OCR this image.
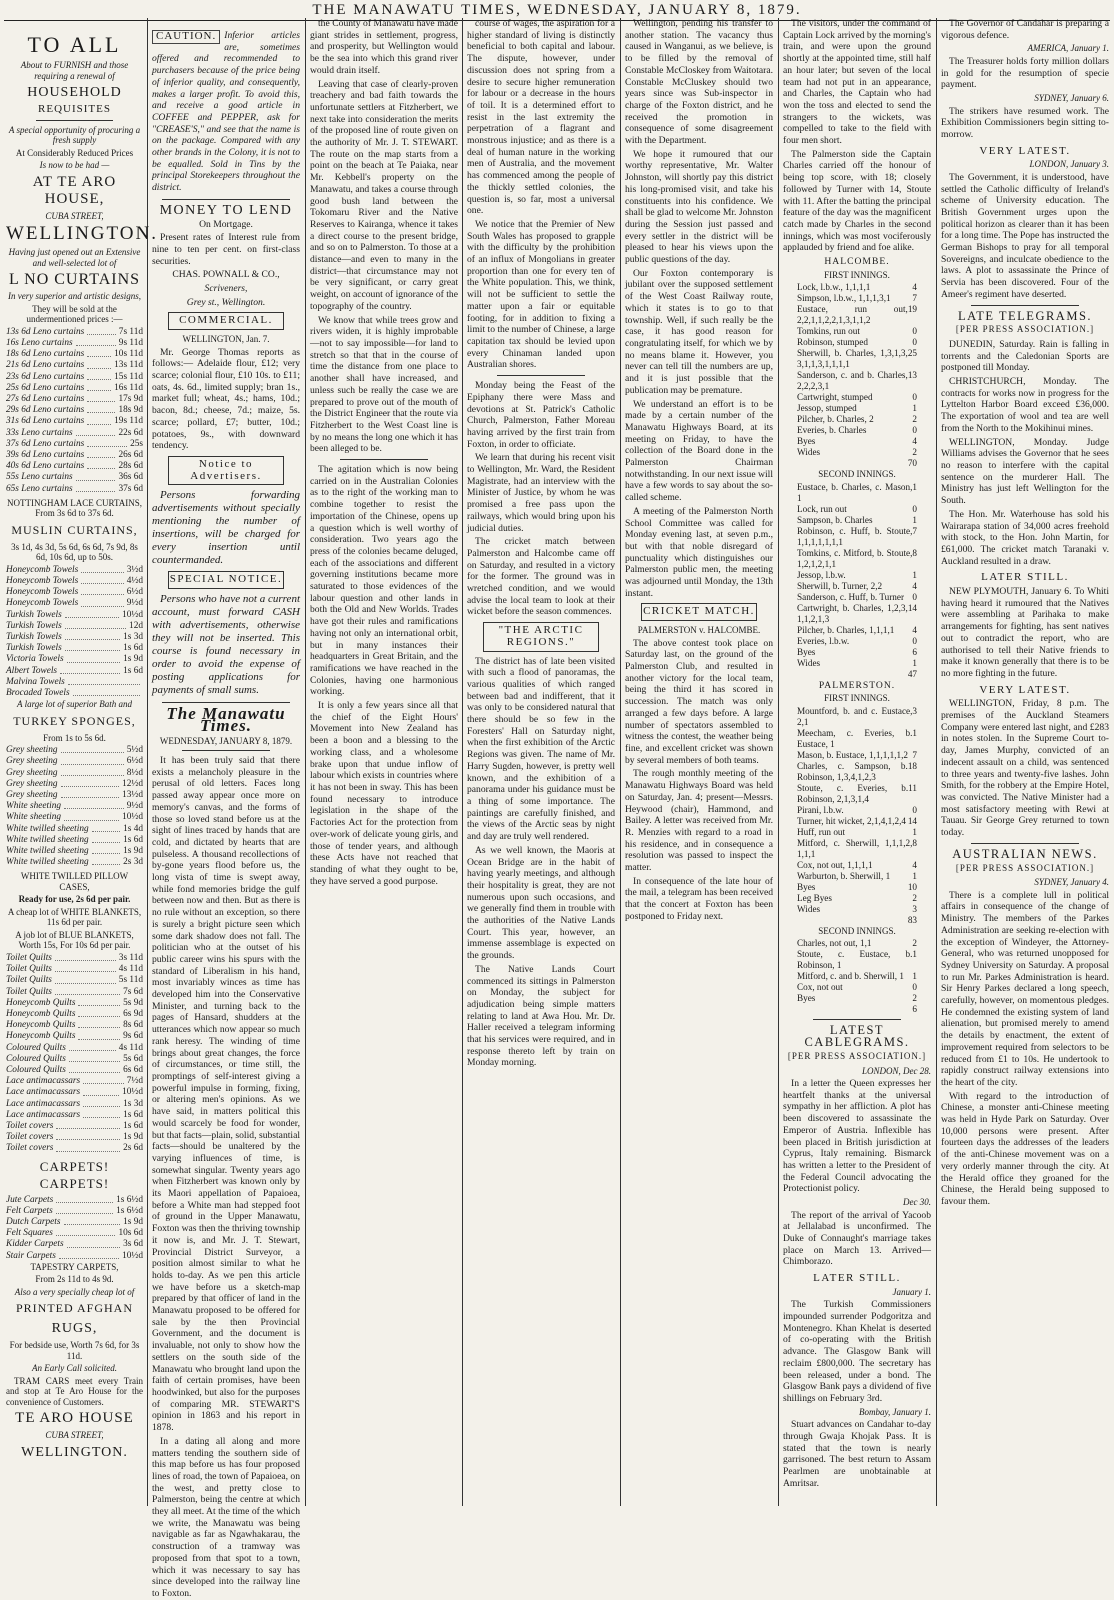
THE MANAWATU TIMES, WEDNESDAY, JANUARY 8, 1879.
TO ALL

About to FURNISH and those requiring a renewal of

HOUSEHOLD
REQUISITES

A special opportunity of procuring a fresh supply

At Considerably Reduced Prices

Is now to be had —

AT TE ARO HOUSE,

CUBA STREET,

WELLINGTON.

Having just opened out an Extensive and well-selected lot of

L NO CURTAINS

In very superior and artistic designs,

They will be sold at the undermentioned prices :—

13s 6d Leno curtains	7s 11d
16s Leno curtains	9s 11d
18s 6d Leno curtains	10s 11d
21s 6d Leno curtains	13s 11d
23s 6d Leno curtains	15s 11d
25s 6d Leno curtains	16s 11d
27s 6d Leno curtains	17s 9d
29s 6d Leno curtains	18s 9d
31s 6d Leno curtains	19s 11d
33s Leno curtains	22s 6d
37s 6d Leno curtains	25s
39s 6d Leno curtains	26s 6d
40s 6d Leno curtains	28s 6d
55s Leno curtains	36s 6d
65s Leno curtains	37s 6d

NOTTINGHAM LACE CURTAINS, From 3s 6d to 37s 6d.

MUSLIN CURTAINS,

3s 1d, 4s 3d, 5s 6d, 6s 6d, 7s 9d, 8s 6d, 10s 6d, up to 50s.

Honeycomb Towels	3½d
Honeycomb Towels	4½d
Honeycomb Towels	6½d
Honeycomb Towels	9½d
Turkish Towels	10½d
Turkish Towels	12d
Turkish Towels	1s 3d
Turkish Towels	1s 6d
Victoria Towels	1s 9d
Albert Towels	1s 6d
Malvina Towels
Brocaded Towels

A large lot of superior Bath and

TURKEY SPONGES,

From 1s to 5s 6d.

Grey sheeting	5½d
Grey sheeting	6½d
Grey sheeting	8½d
Grey sheeting	12½d
Grey sheeting	13½d
White sheeting	9½d
White sheeting	10½d
White twilled sheeting	1s 4d
White twilled sheeting	1s 6d
White twilled sheeting	1s 9d
White twilled sheeting	2s 3d

WHITE TWILLED PILLOW CASES,

Ready for use, 2s 6d per pair.

A cheap lot of WHITE BLANKETS, 11s 6d per pair.

A job lot of BLUE BLANKETS, Worth 15s, For 10s 6d per pair.

Toilet Quilts	3s 11d
Toilet Quilts	4s 11d
Toilet Quilts	5s 11d
Toilet Quilts	7s 6d
Honeycomb Quilts	5s 9d
Honeycomb Quilts	6s 9d
Honeycomb Quilts	8s 6d
Honeycomb Quilts	9s 6d
Coloured Quilts	4s 11d
Coloured Quilts	5s 6d
Coloured Quilts	6s 6d
Lace antimacassars	7½d
Lace antimacassars	10½d
Lace antimacassars	1s 3d
Lace antimacassars	1s 6d
Toilet covers	1s 6d
Toilet covers	1s 9d
Toilet covers	2s 6d
CARPETS! CARPETS!
Jute Carpets	1s 6½d
Felt Carpets	1s 6½d
Dutch Carpets	1s 9d
Felt Squares	10s 6d
Kidder Carpets	3s 6d
Stair Carpets	10½d

TAPESTRY CARPETS,

From 2s 11d to 4s 9d.

Also a very specially cheap lot of

PRINTED AFGHAN
RUGS,

For bedside use, Worth 7s 6d, for 3s 11d.

An Early Call solicited.

TRAM CARS meet every Train and stop at Te Aro House for the convenience of Customers.

TE ARO HOUSE

CUBA STREET,

WELLINGTON.

CAUTION. Inferior articles are, sometimes offered and recommended to purchasers because of the price being of inferior quality, and consequently, makes a larger profit. To avoid this, and receive a good article in COFFEE and PEPPER, ask for "CREASE'S," and see that the name is on the package. Compared with any other brands in the Colony, it is not to be equalled. Sold in Tins by the principal Storekeepers throughout the district.

MONEY TO LEND

On Mortgage.

Present rates of Interest rule from nine to ten per cent. on first-class securities.

CHAS. POWNALL & CO.,

Scriveners,

Grey st., Wellington.

COMMERCIAL.

WELLINGTON, Jan. 7.

Mr. George Thomas reports as follows:— Adelaide flour, £12; very scarce; colonial flour, £10 10s. to £11; oats, 4s. 6d., limited supply; bran 1s., market full; wheat, 4s.; hams, 10d.; bacon, 8d.; cheese, 7d.; maize, 5s. scarce; pollard, £7; butter, 10d.; potatoes, 9s., with downward tendency.

Notice to Advertisers.

Persons forwarding advertisements without specially mentioning the number of insertions, will be charged for every insertion until countermanded.

SPECIAL NOTICE.

Persons who have not a current account, must forward CASH with advertisements, otherwise they will not be inserted. This course is found necessary in order to avoid the expense of posting applications for payments of small sums.

The Manawatu Times.

WEDNESDAY, JANUARY 8, 1879.

It has been truly said that there exists a melancholy pleasure in the perusal of old letters. Faces long passed away appear once more on memory's canvas, and the forms of those so loved stand before us at the sight of lines traced by hands that are cold, and dictated by hearts that are pulseless. A thousand recollections of by-gone years flood before us, the long vista of time is swept away, while fond memories bridge the gulf between now and then. But as there is no rule without an exception, so there is surely a bright picture seen which some dark shadow does not fall. The politician who at the outset of his public career wins his spurs with the standard of Liberalism in his hand, most invariably winces as time has developed him into the Conservative Minister, and turning back to the pages of Hansard, shudders at the utterances which now appear so much rank heresy. The winding of time brings about great changes, the force of circumstances, or time still, the promptings of self-interest giving a powerful impulse in forming, fixing, or altering men's opinions. As we have said, in matters political this would scarcely be food for wonder, but that facts—plain, solid, substantial facts—should be unaltered by the varying influences of time, is somewhat singular. Twenty years ago when Fitzherbert was known only by its Maori appellation of Papaioea, before a White man had stepped foot of ground in the Upper Manawatu, Foxton was then the thriving township it now is, and Mr. J. T. Stewart, Provincial District Surveyor, a position almost similar to what he holds to-day. As we pen this article we have before us a sketch-map prepared by that officer of land in the Manawatu proposed to be offered for sale by the then Provincial Government, and the document is invaluable, not only to show how the settlers on the south side of the Manawatu who brought land upon the faith of certain promises, have been hoodwinked, but also for the purposes of comparing MR. STEWART'S opinion in 1863 and his report in 1878.

In a dating all along and more matters tending the southern side of this map before us has four proposed lines of road, the town of Papaioea, on the west, and pretty close to Palmerston, being the centre at which they all meet. At the time of the which we write, the Manawatu was being navigable as far as Ngawhakarau, the construction of a tramway was proposed from that spot to a town, which it was necessary to say has since developed into the railway line to Foxton.

the County of Manawatu have made giant strides in settlement, progress, and prosperity, but Wellington would be the sea into which this grand river would drain itself.

Leaving that case of clearly-proven treachery and bad faith towards the unfortunate settlers at Fitzherbert, we next take into consideration the merits of the proposed line of route given on the authority of Mr. J. T. STEWART. The route on the map starts from a point on the beach at Te Paiaka, near Mr. Kebbell's property on the Manawatu, and takes a course through good bush land between the Tokomaru River and the Native Reserves to Kairanga, whence it takes a direct course to the present bridge, and so on to Palmerston. To those at a distance—and even to many in the district—that circumstance may not be very significant, or carry great weight, on account of ignorance of the topography of the country.

We know that while trees grow and rivers widen, it is highly improbable—not to say impossible—for land to stretch so that that in the course of time the distance from one place to another shall have increased, and unless such be really the case we are prepared to prove out of the mouth of the District Engineer that the route via Fitzherbert to the West Coast line is by no means the long one which it has been alleged to be.

The agitation which is now being carried on in the Australian Colonies as to the right of the working man to combine together to resist the importation of the Chinese, opens up a question which is well worthy of consideration. Two years ago the press of the colonies became deluged, each of the associations and different governing institutions became more saturated to those evidences of the labour question and other lands in both the Old and New Worlds. Trades have got their rules and ramifications having not only an international orbit, but in many instances their headquarters in Great Britain, and the ramifications we have reached in the Colonies, having one harmonious working.

It is only a few years since all that the chief of the Eight Hours' Movement into New Zealand has been a boon and a blessing to the working class, and a wholesome brake upon that undue inflow of labour which exists in countries where it has not been in sway. This has been found necessary to introduce legislation in the shape of the Factories Act for the protection from over-work of delicate young girls, and those of tender years, and although these Acts have not reached that standing of what they ought to be, they have served a good purpose.

course of wages, the aspiration for a higher standard of living is distinctly beneficial to both capital and labour. The dispute, however, under discussion does not spring from a desire to secure higher remuneration for labour or a decrease in the hours of toil. It is a determined effort to resist in the last extremity the perpetration of a flagrant and monstrous injustice; and as there is a deal of human nature in the working men of Australia, and the movement has commenced among the people of the thickly settled colonies, the question is, so far, most a universal one.

We notice that the Premier of New South Wales has proposed to grapple with the difficulty by the prohibition of an influx of Mongolians in greater proportion than one for every ten of the White population. This, we think, will not be sufficient to settle the matter upon a fair or equitable footing, for in addition to fixing a limit to the number of Chinese, a large capitation tax should be levied upon every Chinaman landed upon Australian shores.

Monday being the Feast of the Epiphany there were Mass and devotions at St. Patrick's Catholic Church, Palmerston, Father Moreau having arrived by the first train from Foxton, in order to officiate.

We learn that during his recent visit to Wellington, Mr. Ward, the Resident Magistrate, had an interview with the Minister of Justice, by whom he was promised a free pass upon the railways, which would bring upon his judicial duties.

The cricket match between Palmerston and Halcombe came off on Saturday, and resulted in a victory for the former. The ground was in wretched condition, and we would advise the local team to look at their wicket before the season commences.

"THE ARCTIC REGIONS."

The district has of late been visited with such a flood of panoramas, the various qualities of which ranged between bad and indifferent, that it was only to be considered natural that there should be so few in the Foresters' Hall on Saturday night, when the first exhibition of the Arctic Regions was given. The name of Mr. Harry Sugden, however, is pretty well known, and the exhibition of a panorama under his guidance must be a thing of some importance. The paintings are carefully finished, and the views of the Arctic seas by night and day are truly well rendered.

As we well known, the Maoris at Ocean Bridge are in the habit of having yearly meetings, and although their hospitality is great, they are not numerous upon such occasions, and we generally find them in trouble with the authorities of the Native Lands Court. This year, however, an immense assemblage is expected on the grounds.

The Native Lands Court commenced its sittings in Palmerston on Monday, the subject for adjudication being simple matters relating to land at Awa Hou. Mr. Dr. Haller received a telegram informing that his services were required, and in response thereto left by train on Monday morning.

Wellington, pending his transfer to another station. The vacancy thus caused in Wanganui, as we believe, is to be filled by the removal of Constable McCloskey from Waitotara. Constable McCluskey should two years since was Sub-inspector in charge of the Foxton district, and he received the promotion in consequence of some disagreement with the Department.

We hope it rumoured that our worthy representative, Mr. Walter Johnston, will shortly pay this district his long-promised visit, and take his constituents into his confidence. We shall be glad to welcome Mr. Johnston during the Session just passed and every settler in the district will be pleased to hear his views upon the public questions of the day.

Our Foxton contemporary is jubilant over the supposed settlement of the West Coast Railway route, which it states is to go to that township. Well, if such really be the case, it has good reason for congratulating itself, for which we by no means blame it. However, you never can tell till the numbers are up, and it is just possible that the publication may be premature.

We understand an effort is to be made by a certain number of the Manawatu Highways Board, at its meeting on Friday, to have the collection of the Board done in the Palmerston Chairman notwithstanding. In our next issue will have a few words to say about the so-called scheme.

A meeting of the Palmerston North School Committee was called for Monday evening last, at seven p.m., but with that noble disregard of punctuality which distinguishes our Palmerston public men, the meeting was adjourned until Monday, the 13th instant.

CRICKET MATCH.

PALMERSTON v. HALCOMBE.

The above contest took place on Saturday last, on the ground of the Palmerston Club, and resulted in another victory for the local team, being the third it has scored in succession. The match was only arranged a few days before. A large number of spectators assembled to witness the contest, the weather being fine, and excellent cricket was shown by several members of both teams.

The rough monthly meeting of the Manawatu Highways Board was held on Saturday, Jan. 4; present—Messrs. Heywood (chair), Hammond, and Bailey. A letter was received from Mr. R. Menzies with regard to a road in his residence, and in consequence a resolution was passed to inspect the matter.

In consequence of the late hour of the mail, a telegram has been received that the concert at Foxton has been postponed to Friday next.

The visitors, under the command of Captain Lock arrived by the morning's train, and were upon the ground shortly at the appointed time, still half an hour later; but seven of the local team had not put in an appearance, and Charles, the Captain who had won the toss and elected to send the strangers to the wickets, was compelled to take to the field with four men short.

The Palmerston side the Captain Charles carried off the honour of being top score, with 18; closely followed by Turner with 14, Stoute with 11. After the batting the principal feature of the day was the magnificent catch made by Charles in the second innings, which was most vociferously applauded by friend and foe alike.

HALCOMBE.

FIRST INNINGS.

Lock, l.b.w., 1,1,1,1	4
Simpson, l.b.w., 1,1,1,3,1 7
Eustace, run out, 2,2,1,1,2,2,1,3,1,1,2
19
Tomkins, run out	0
Robinson, stumped	0
Sherwill, b. Charles, 1,3,1,3, 3,1,1,3,1,1,1,1
25
Sanderson, c. and b. Charles, 2,2,2,3,1
13
Cartwright, stumped	0
Jessop, stumped	1
Pilcher, b. Charles, 2	2
Everies, b. Charles	0
Byes	4
Wides	2
70

SECOND INNINGS.

Eustace, b. Charles, c. Mason, 1
1
Lock, run out	0
Sampson, b. Charles	1
Robinson, c. Huff, b. Stoute, 1,1,1,1,1,1,1
7
Tomkins, c. Mitford, b. Stoute, 1,2,1,2,1,1
8
Jessop, l.b.w.	1
Sherwill, b. Turner, 2,2	4
Sanderson, c. Huff, b. Turner 0
Cartwright, b. Charles, 1,2,3, 1,1,2,1,3
14
Pilcher, b. Charles, 1,1,1,1 4
Everies, l.b.w.	0
Byes	6
Wides	1
47

PALMERSTON.

FIRST INNINGS.

Mountford, b. and c. Eustace, 2,1
3
Meecham, c. Everies, b. Eustace, 1
1
Mason, b. Eustace, 1,1,1,1,1,2 7
Charles, c. Sampson, b. Robinson, 1,3,4,1,2,3
18
Stoute, c. Everies, b. Robinson, 2,1,3,1,4
11
Pirani, l.b.w.	0
Turner, hit wicket, 2,1,4,1,2,4 14
Huff, run out	1
Mitford, c. Sherwill, 1,1,1,2, 1,1,1
8
Cox, not out, 1,1,1,1	4
Warburton, b. Sherwill, 1 1
Byes	10
Leg Byes	2
Wides	3
83

SECOND INNINGS.

Charles, not out, 1,1	2
Stoute, c. Eustace, b. Robinson, 1
1
Mitford, c. and b. Sherwill, 1 1
Cox, not out	0
Byes	2
6
LATEST CABLEGRAMS.
[PER PRESS ASSOCIATION.]

LONDON, Dec 28.

In a letter the Queen expresses her heartfelt thanks at the universal sympathy in her affliction. A plot has been discovered to assassinate the Emperor of Austria. Inflexible has been placed in British jurisdiction at Cyprus, Italy remaining. Bismarck has written a letter to the President of the Federal Council advocating the Protectionist policy.

Dec 30.

The report of the arrival of Yacoob at Jellalabad is unconfirmed. The Duke of Connaught's marriage takes place on March 13. Arrived—Chimborazo.

LATER STILL.

January 1.

The Turkish Commissioners impounded surrender Podgoritza and Montenegro. Khan Khelat is deserted of co-operating with the British advance. The Glasgow Bank will reclaim £800,000. The secretary has been released, under a bond. The Glasgow Bank pays a dividend of five shillings on February 3rd.

Bombay, January 1.

Stuart advances on Candahar to-day through Gwaja Khojak Pass. It is stated that the town is nearly garrisoned. The best return to Assam Pearlmen are unobtainable at Amritsar.

The Governor of Candahar is preparing a vigorous defence.

AMERICA, January 1.

The Treasurer holds forty million dollars in gold for the resumption of specie payment.

SYDNEY, January 6.

The strikers have resumed work. The Exhibition Commissioners begin sitting to-morrow.

VERY LATEST.

LONDON, January 3.

The Government, it is understood, have settled the Catholic difficulty of Ireland's scheme of University education. The British Government urges upon the political horizon as clearer than it has been for a long time. The Pope has instructed the German Bishops to pray for all temporal Sovereigns, and inculcate obedience to the laws. A plot to assassinate the Prince of Servia has been discovered. Four of the Ameer's regiment have deserted.

LATE TELEGRAMS.
[PER PRESS ASSOCIATION.]

DUNEDIN, Saturday. Rain is falling in torrents and the Caledonian Sports are postponed till Monday.

CHRISTCHURCH, Monday. The contracts for works now in progress for the Lyttelton Harbor Board exceed £36,000. The exportation of wool and tea are well from the North to the Mokihinui mines.

WELLINGTON, Monday. Judge Williams advises the Governor that he sees no reason to interfere with the capital sentence on the murderer Hall. The Ministry has just left Wellington for the South.

The Hon. Mr. Waterhouse has sold his Wairarapa station of 34,000 acres freehold with stock, to the Hon. John Martin, for £61,000. The cricket match Taranaki v. Auckland resulted in a draw.

LATER STILL.

NEW PLYMOUTH, January 6. To Whiti having heard it rumoured that the Natives were assembling at Parihaka to make arrangements for fighting, has sent natives out to contradict the report, who are authorised to tell their Native friends to make it known generally that there is to be no more fighting in the future.

VERY LATEST.

WELLINGTON, Friday, 8 p.m. The premises of the Auckland Steamers Company were entered last night, and £283 in notes stolen. In the Supreme Court to-day, James Murphy, convicted of an indecent assault on a child, was sentenced to three years and twenty-five lashes. John Smith, for the robbery at the Empire Hotel, was convicted. The Native Minister had a most satisfactory meeting with Rewi at Tauau. Sir George Grey returned to town today.

AUSTRALIAN NEWS.
[PER PRESS ASSOCIATION.]

SYDNEY, January 4.

There is a complete lull in political affairs in consequence of the change of Ministry. The members of the Parkes Administration are seeking re-election with the exception of Windeyer, the Attorney-General, who was returned unopposed for Sydney University on Saturday. A proposal to run Mr. Parkes Administration is heard. Sir Henry Parkes declared a long speech, carefully, however, on momentous pledges. He condemned the existing system of land alienation, but promised merely to amend the details by enactment, the extent of improvement required from selectors to be reduced from £1 to 10s. He undertook to rapidly construct railway extensions into the heart of the city.

With regard to the introduction of Chinese, a monster anti-Chinese meeting was held in Hyde Park on Saturday. Over 10,000 persons were present. After fourteen days the addresses of the leaders of the anti-Chinese movement was on a very orderly manner through the city. At the Herald office they groaned for the Chinese, the Herald being supposed to favour them.
